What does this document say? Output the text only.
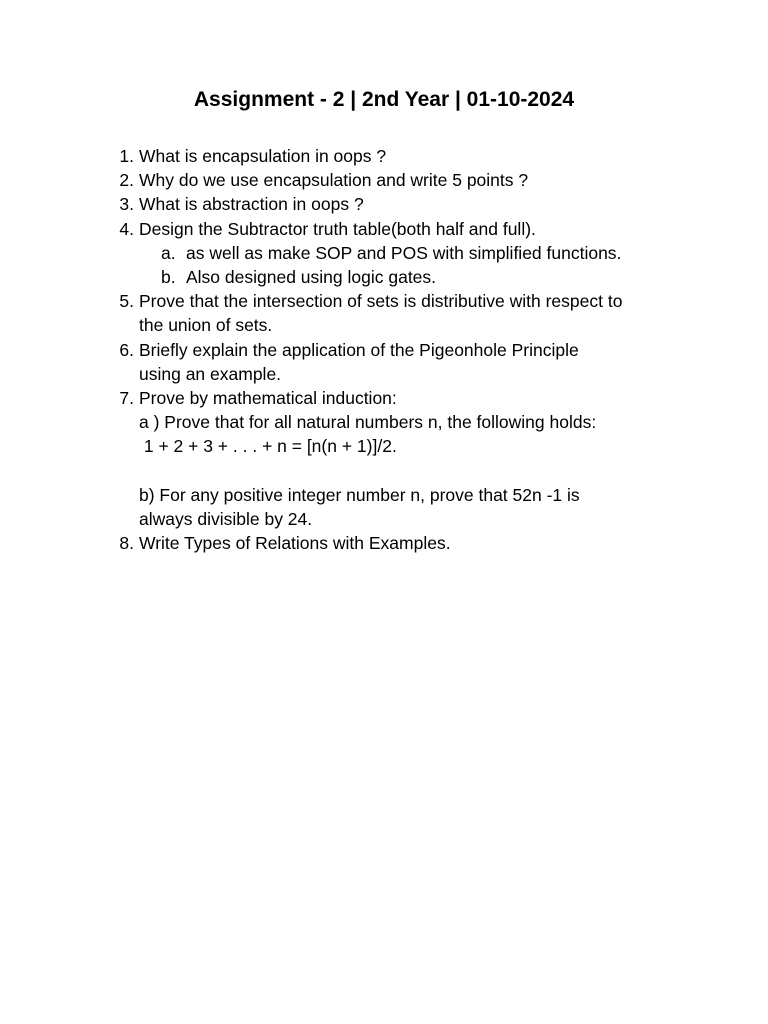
Assignment - 2 | 2nd Year | 01-10-2024
1. What is encapsulation in oops ?
2. Why do we use encapsulation and write 5 points ?
3. What is abstraction in oops ?
4. Design the Subtractor truth table(both half and full).
a. as well as make SOP and POS with simplified functions.
b. Also designed using logic gates.
5. Prove that the intersection of sets is distributive with respect to
the union of sets.
6. Briefly explain the application of the Pigeonhole Principle
using an example.
7. Prove by mathematical induction:
a ) Prove that for all natural numbers n, the following holds:
1 + 2 + 3 + . . . + n = [n(n + 1)]/2.
b) For any positive integer number n, prove that 52n -1 is
always divisible by 24.
8. Write Types of Relations with Examples.
